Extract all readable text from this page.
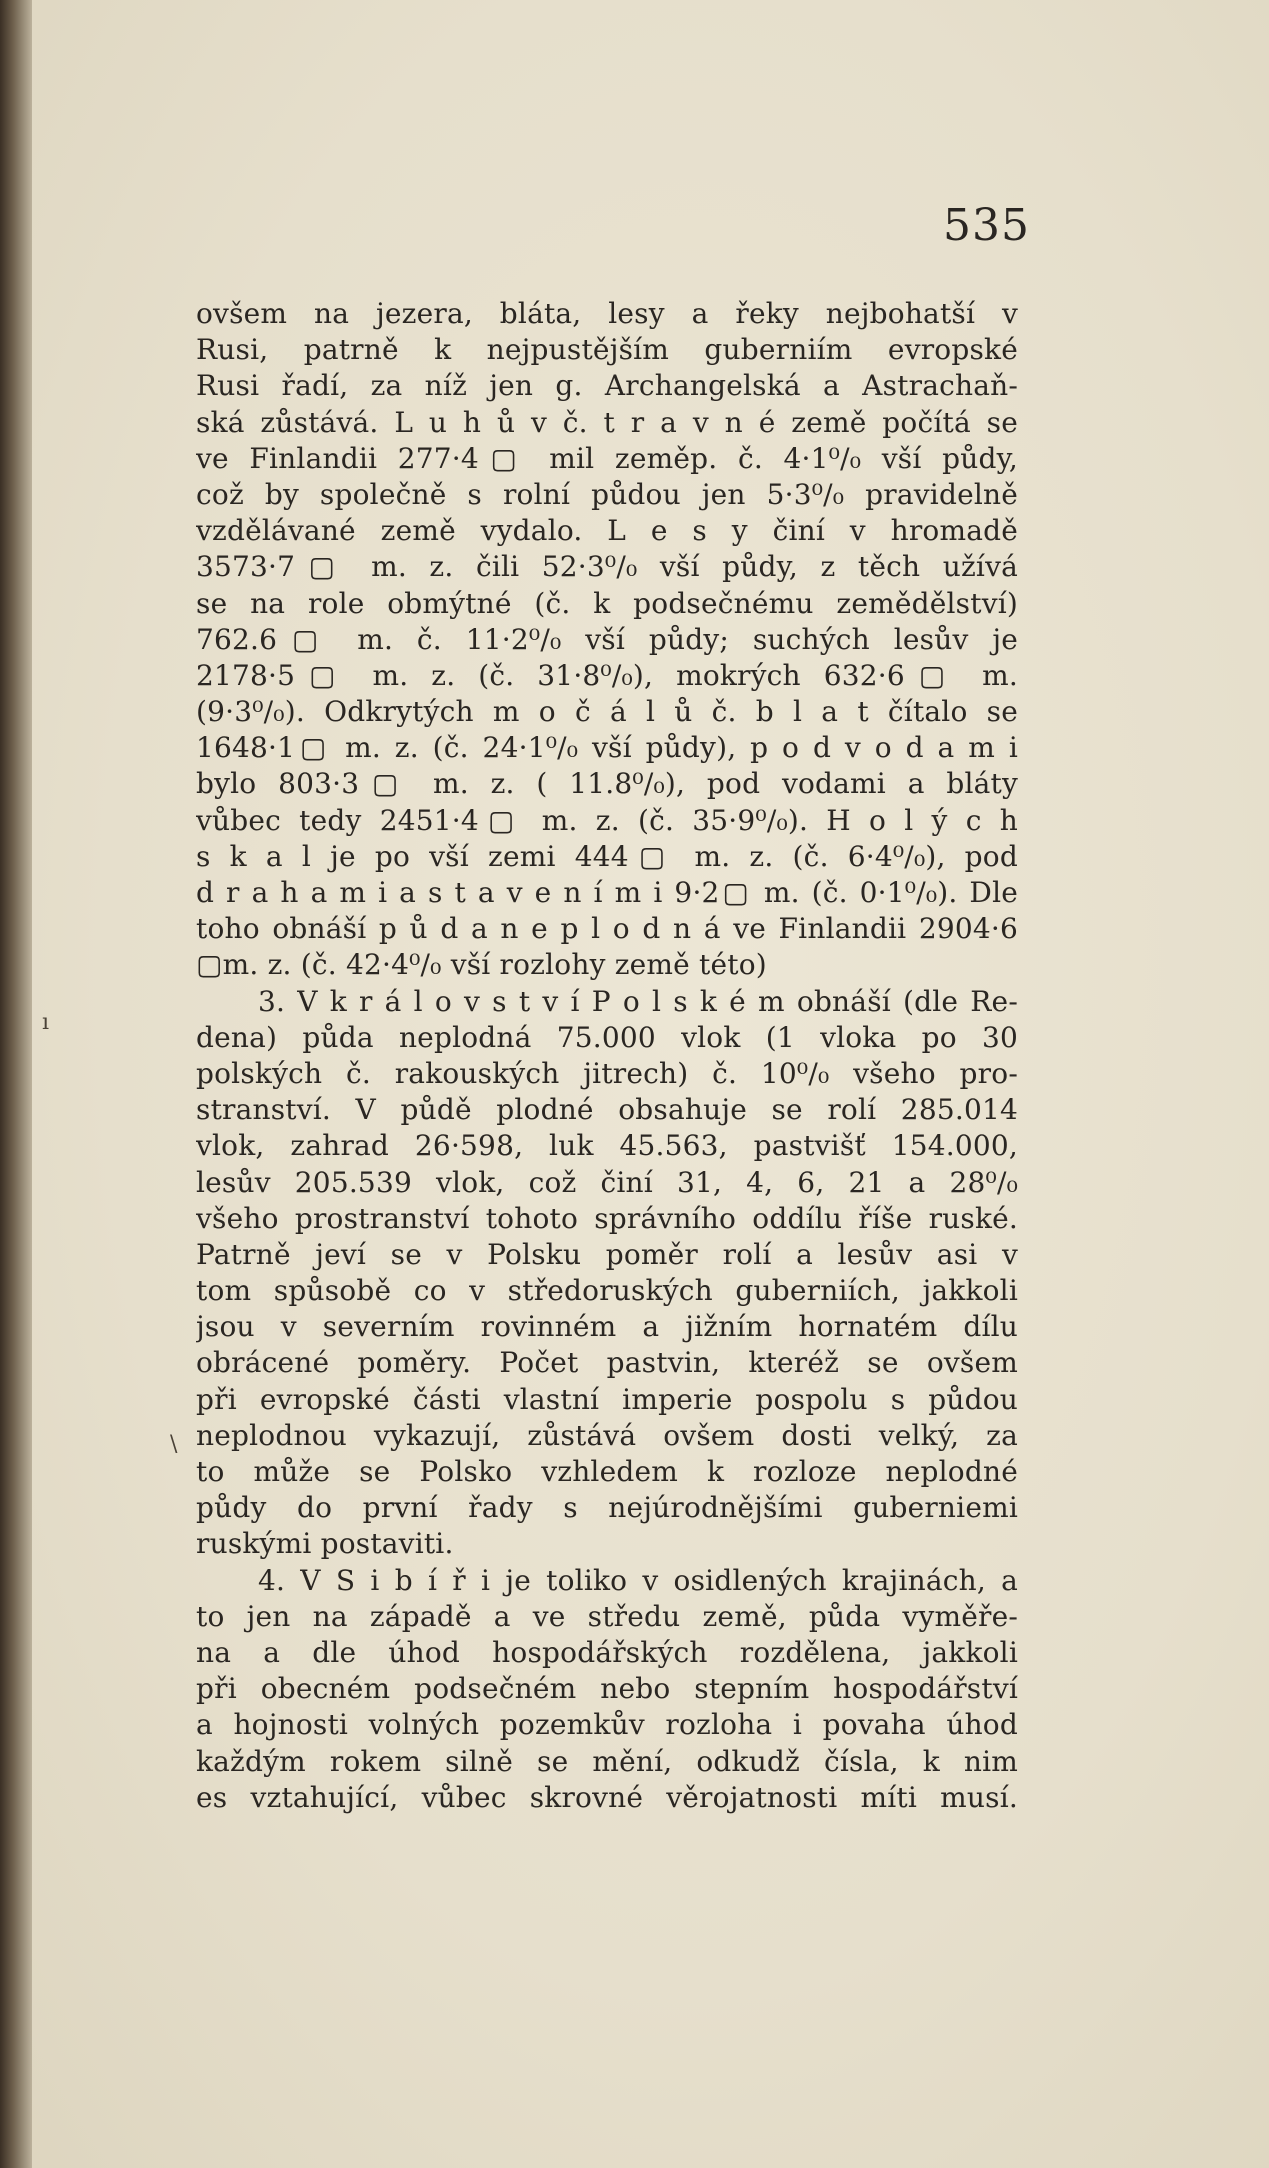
535
ı
\
ovšem na jezera, bláta, lesy a řeky nejbohatší v
Rusi, patrně k nejpustějším guberniím evropské
Rusi řadí, za níž jen g. Archangelská a Astrachaň-
ská zůstává. L u h ů v č. t r a v n é země počítá se
ve Finlandii 277·4▢ mil zeměp. č. 4·1⁰/₀ vší půdy,
což by společně s rolní půdou jen 5·3⁰/₀ pravidelně
vzdělávané země vydalo. L e s y činí v hromadě
3573·7▢ m. z. čili 52·3⁰/₀ vší půdy, z těch užívá
se na role obmýtné (č. k podsečnému zemědělství)
762.6▢ m. č. 11·2⁰/₀ vší půdy; suchých lesův je
2178·5▢ m. z. (č. 31·8⁰/₀), mokrých 632·6▢ m.
(9·3⁰/₀). Odkrytých m o č á l ů č. b l a t čítalo se
1648·1▢ m. z. (č. 24·1⁰/₀ vší půdy), p o d v o d a m i
bylo 803·3▢ m. z. ( 11.8⁰/₀), pod vodami a bláty
vůbec tedy 2451·4▢ m. z. (č. 35·9⁰/₀). H o l ý c h
s k a l je po vší zemi 444▢ m. z. (č. 6·4⁰/₀), pod
d r a h a m i a s t a v e n í m i 9·2▢ m. (č. 0·1⁰/₀). Dle
toho obnáší p ů d a n e p l o d n á ve Finlandii 2904·6
▢m. z. (č. 42·4⁰/₀ vší rozlohy země této)
3. V k r á l o v s t v í P o l s k é m obnáší (dle Re-
dena) půda neplodná 75.000 vlok (1 vloka po 30
polských č. rakouských jitrech) č. 10⁰/₀ všeho pro-
stranství. V půdě plodné obsahuje se rolí 285.014
vlok, zahrad 26·598, luk 45.563, pastvišť 154.000,
lesův 205.539 vlok, což činí 31, 4, 6, 21 a 28⁰/₀
všeho prostranství tohoto správního oddílu říše ruské.
Patrně jeví se v Polsku poměr rolí a lesův asi v
tom spůsobě co v středoruských guberniích, jakkoli
jsou v severním rovinném a jižním hornatém dílu
obrácené poměry. Počet pastvin, kteréž se ovšem
při evropské části vlastní imperie pospolu s půdou
neplodnou vykazují, zůstává ovšem dosti velký, za
to může se Polsko vzhledem k rozloze neplodné
půdy do první řady s nejúrodnějšími guberniemi
ruskými postaviti.
4. V S i b í ř i je toliko v osidlených krajinách, a
to jen na západě a ve středu země, půda vyměře-
na a dle úhod hospodářských rozdělena, jakkoli
při obecném podsečném nebo stepním hospodářství
a hojnosti volných pozemkův rozloha i povaha úhod
každým rokem silně se mění, odkudž čísla, k nim
es vztahující, vůbec skrovné věrojatnosti míti musí.
